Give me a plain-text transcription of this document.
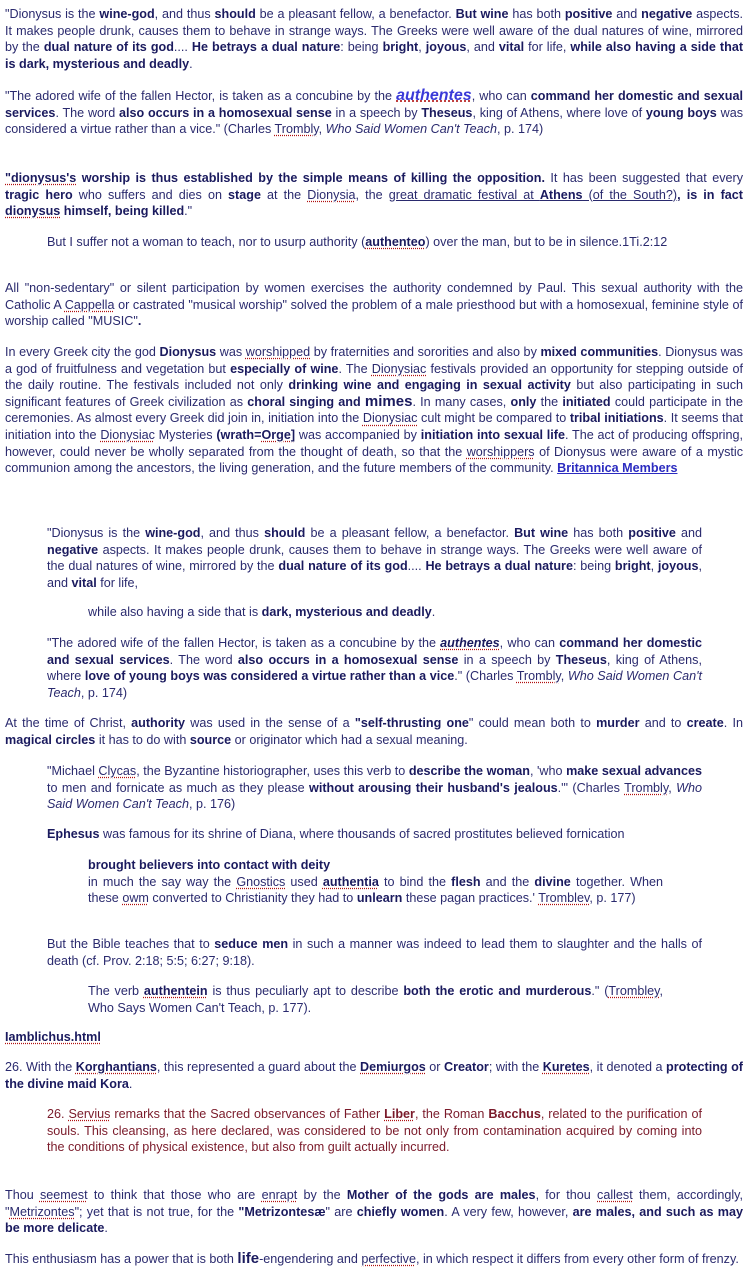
"Dionysus is the wine-god, and thus should be a pleasant fellow, a benefactor. But wine has both positive and negative aspects. It makes people drunk, causes them to behave in strange ways. The Greeks were well aware of the dual natures of wine, mirrored by the dual nature of its god.... He betrays a dual nature: being bright, joyous, and vital for life, while also having a side that is dark, mysterious and deadly.

"The adored wife of the fallen Hector, is taken as a concubine by the authentes, who can command her domestic and sexual services. The word also occurs in a homosexual sense in a speech by Theseus, king of Athens, where love of young boys was considered a virtue rather than a vice." (Charles Trombly, Who Said Women Can't Teach, p. 174)

"dionysus's worship is thus established by the simple means of killing the opposition. It has been suggested that every tragic hero who suffers and dies on stage at the Dionysia, the great dramatic festival at Athens (of the South?), is in fact dionysus himself, being killed."

But I suffer not a woman to teach, nor to usurp authority (authenteo) over the man, but to be in silence.1Ti.2:12

All "non-sedentary" or silent participation by women exercises the authority condemned by Paul. This sexual authority with the Catholic A Cappella or castrated "musical worship" solved the problem of a male priesthood but with a homosexual, feminine style of worship called "MUSIC".

In every Greek city the god Dionysus was worshipped by fraternities and sororities and also by mixed communities. Dionysus was a god of fruitfulness and vegetation but especially of wine. The Dionysiac festivals provided an opportunity for stepping outside of the daily routine. The festivals included not only drinking wine and engaging in sexual activity but also participating in such significant features of Greek civilization as choral singing and mimes. In many cases, only the initiated could participate in the ceremonies. As almost every Greek did join in, initiation into the Dionysiac cult might be compared to tribal initiations. It seems that initiation into the Dionysiac Mysteries (wrath=Orge] was accompanied by initiation into sexual life. The act of producing offspring, however, could never be wholly separated from the thought of death, so that the worshippers of Dionysus were aware of a mystic communion among the ancestors, the living generation, and the future members of the community. Britannica Members

"Dionysus is the wine-god, and thus should be a pleasant fellow, a benefactor. But wine has both positive and negative aspects. It makes people drunk, causes them to behave in strange ways. The Greeks were well aware of the dual natures of wine, mirrored by the dual nature of its god.... He betrays a dual nature: being bright, joyous, and vital for life,

while also having a side that is dark, mysterious and deadly.

"The adored wife of the fallen Hector, is taken as a concubine by the authentes, who can command her domestic and sexual services. The word also occurs in a homosexual sense in a speech by Theseus, king of Athens, where love of young boys was considered a virtue rather than a vice." (Charles Trombly, Who Said Women Can't Teach, p. 174)

At the time of Christ, authority was used in the sense of a "self-thrusting one" could mean both to murder and to create. In magical circles it has to do with source or originator which had a sexual meaning.

"Michael Clycas, the Byzantine historiographer, uses this verb to describe the woman, 'who make sexual advances to men and fornicate as much as they please without arousing their husband's jealous.'" (Charles Trombly, Who Said Women Can't Teach, p. 176)

Ephesus was famous for its shrine of Diana, where thousands of sacred prostitutes believed fornication

brought believers into contact with deity
in much the say way the Gnostics used authentia to bind the flesh and the divine together. When these owm converted to Christianity they had to unlearn these pagan practices.' Tromblev, p. 177)

But the Bible teaches that to seduce men in such a manner was indeed to lead them to slaughter and the halls of death (cf. Prov. 2:18; 5:5; 6:27; 9:18).

The verb authentein is thus peculiarly apt to describe both the erotic and murderous." (Trombley, Who Says Women Can't Teach, p. 177).

Iamblichus.html

26. With the Korghantians, this represented a guard about the Demiurgos or Creator; with the Kuretes, it denoted a protecting of the divine maid Kora.

26. Servius remarks that the Sacred observances of Father Liber, the Roman Bacchus, related to the purification of souls. This cleansing, as here declared, was considered to be not only from contamination acquired by coming into the conditions of physical existence, but also from guilt actually incurred.

Thou seemest to think that those who are enrapt by the Mother of the gods are males, for thou callest them, accordingly, "Metrizontes"; yet that is not true, for the "Metrizontesæ" are chiefly women. A very few, however, are males, and such as may be more delicate.

This enthusiasm has a power that is both life-engendering and perfective, in which respect it differs from every other form of frenzy.
